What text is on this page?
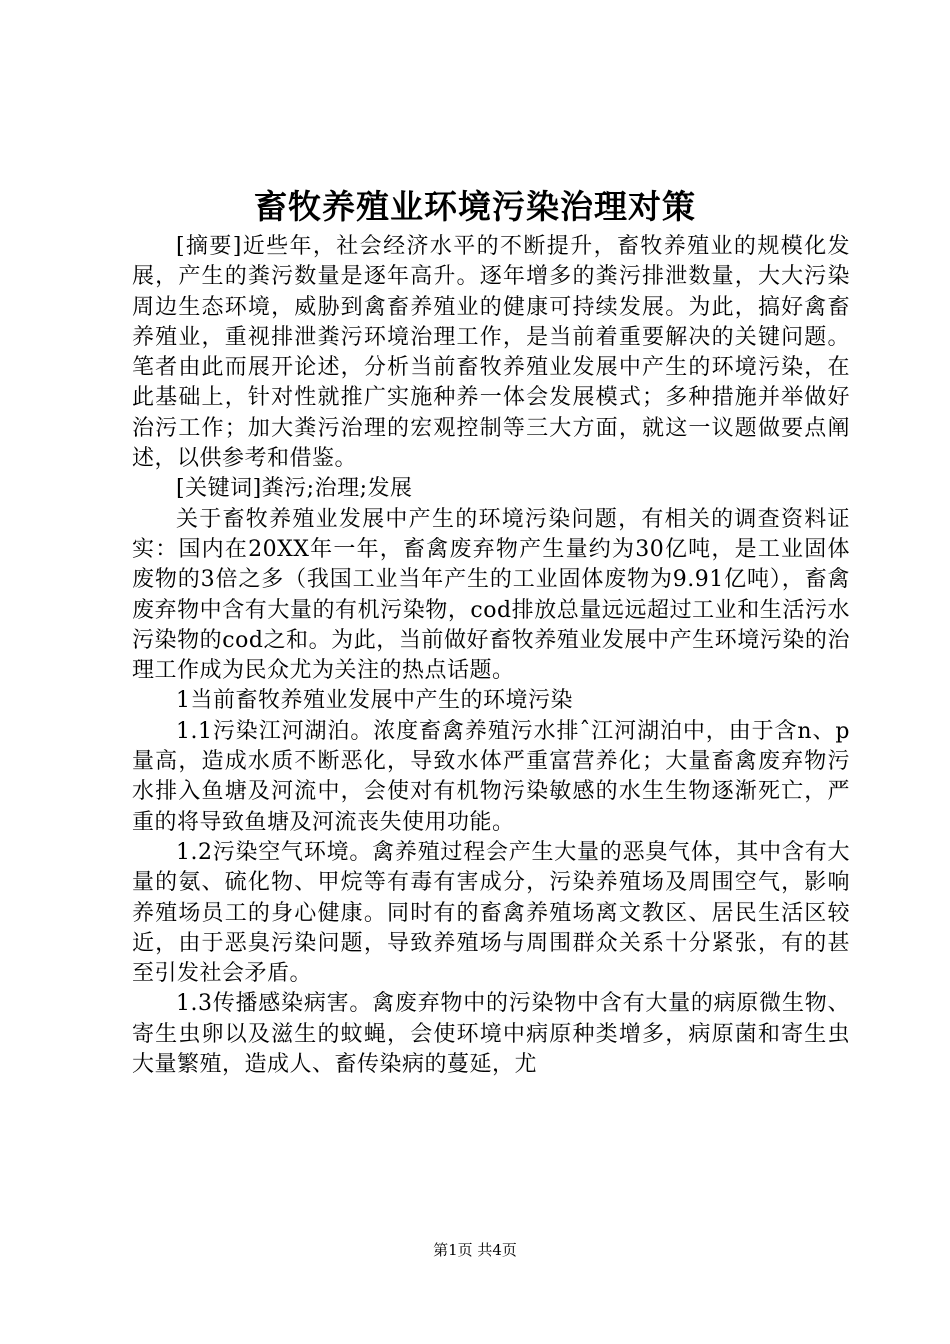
畜牧养殖业环境污染治理对策

[摘要]近些年，社会经济水平的不断提升，畜牧养殖业的规模化发展，产生的粪污数量是逐年高升。逐年增多的粪污排泄数量，大大污染周边生态环境，威胁到禽畜养殖业的健康可持续发展。为此，搞好禽畜养殖业，重视排泄粪污环境治理工作，是当前着重要解决的关键问题。笔者由此而展开论述，分析当前畜牧养殖业发展中产生的环境污染，在此基础上，针对性就推广实施种养一体会发展模式；多种措施并举做好治污工作；加大粪污治理的宏观控制等三大方面，就这一议题做要点阐述，以供参考和借鉴。

[关键词]粪污;治理;发展

关于畜牧养殖业发展中产生的环境污染问题，有相关的调查资料证实：国内在20XX年一年，畜禽废弃物产生量约为30亿吨，是工业固体废物的3倍之多（我国工业当年产生的工业固体废物为9.91亿吨），畜禽废弃物中含有大量的有机污染物，cod排放总量远远超过工业和生活污水污染物的cod之和。为此，当前做好畜牧养殖业发展中产生环境污染的治理工作成为民众尤为关注的热点话题。

1当前畜牧养殖业发展中产生的环境污染

1.1污染江河湖泊。浓度畜禽养殖污水排ˆ江河湖泊中，由于含n、p量高，造成水质不断恶化，导致水体严重富营养化；大量畜禽废弃物污水排入鱼塘及河流中，会使对有机物污染敏感的水生生物逐渐死亡，严重的将导致鱼塘及河流丧失使用功能。

1.2污染空气环境。禽养殖过程会产生大量的恶臭气体，其中含有大量的氨、硫化物、甲烷等有毒有害成分，污染养殖场及周围空气，影响养殖场员工的身心健康。同时有的畜禽养殖场离文教区、居民生活区较近，由于恶臭污染问题，导致养殖场与周围群众关系十分紧张，有的甚至引发社会矛盾。

1.3传播感染病害。禽废弃物中的污染物中含有大量的病原微生物、寄生虫卵以及滋生的蚊蝇，会使环境中病原种类增多，病原菌和寄生虫大量繁殖，造成人、畜传染病的蔓延，尤

第1页 共4页
